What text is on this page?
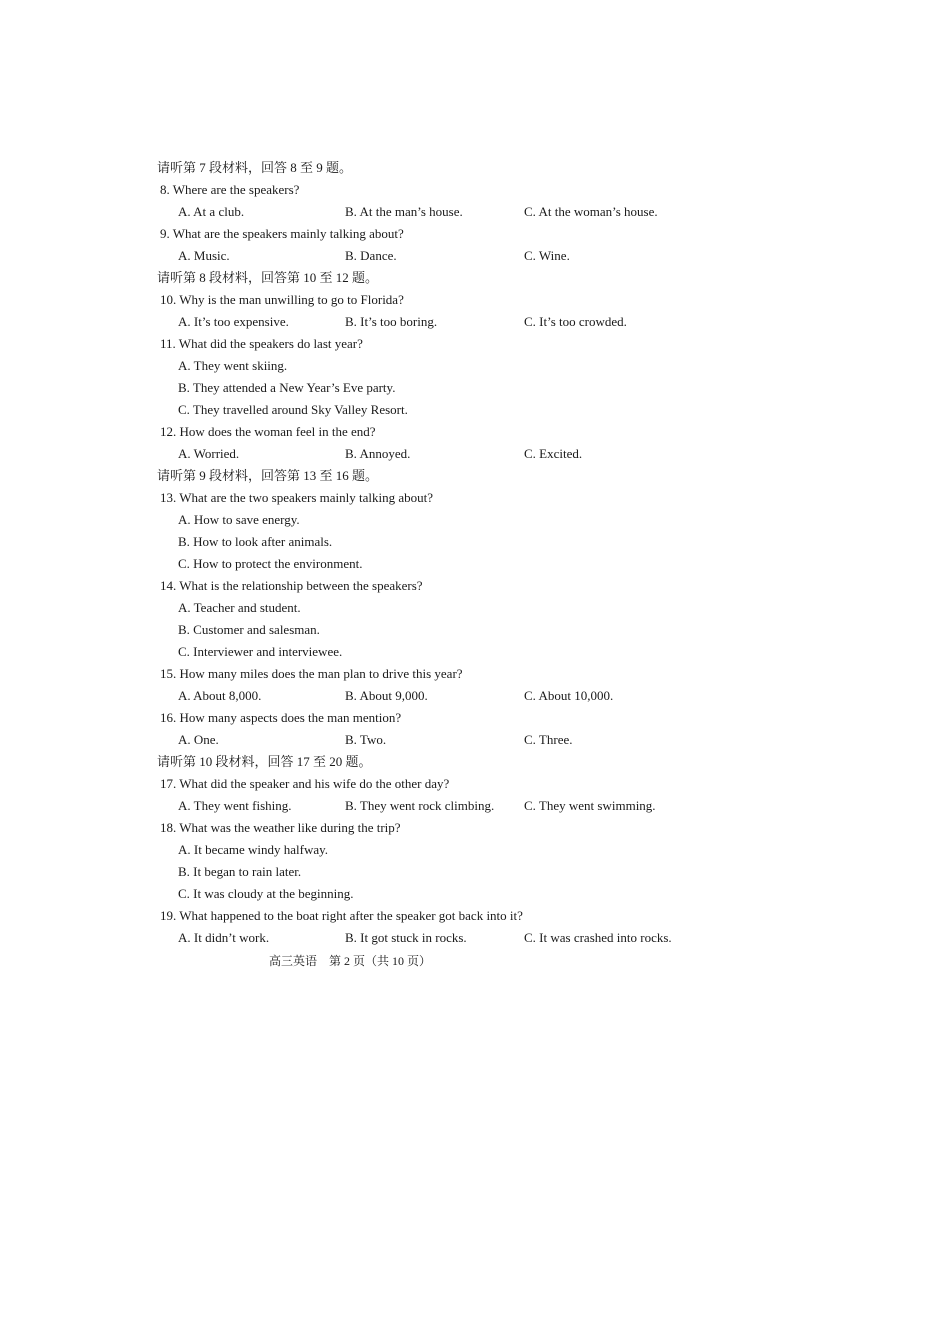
请听第 7 段材料，回答 8 至 9 题。
8. Where are the speakers?
A. At a club.	B. At the man’s house.	C. At the woman’s house.
9. What are the speakers mainly talking about?
A. Music.	B. Dance.	C. Wine.
请听第 8 段材料，回答第 10 至 12 题。
10. Why is the man unwilling to go to Florida?
A. It’s too expensive.	B. It’s too boring.	C. It’s too crowded.
11. What did the speakers do last year?
A. They went skiing.
B. They attended a New Year’s Eve party.
C. They travelled around Sky Valley Resort.
12. How does the woman feel in the end?
A. Worried.	B. Annoyed.	C. Excited.
请听第 9 段材料，回答第 13 至 16 题。
13. What are the two speakers mainly talking about?
A. How to save energy.
B. How to look after animals.
C. How to protect the environment.
14. What is the relationship between the speakers?
A. Teacher and student.
B. Customer and salesman.
C. Interviewer and interviewee.
15. How many miles does the man plan to drive this year?
A. About 8,000.	B. About 9,000.	C. About 10,000.
16. How many aspects does the man mention?
A. One.	B. Two.	C. Three.
请听第 10 段材料，回答 17 至 20 题。
17. What did the speaker and his wife do the other day?
A. They went fishing.	B. They went rock climbing. C. They went swimming.
18. What was the weather like during the trip?
A. It became windy halfway.
B. It began to rain later.
C. It was cloudy at the beginning.
19. What happened to the boat right after the speaker got back into it?
A. It didn’t work.	B. It got stuck in rocks.	C. It was crashed into rocks.
高三英语　第 2 页（共 10 页）
